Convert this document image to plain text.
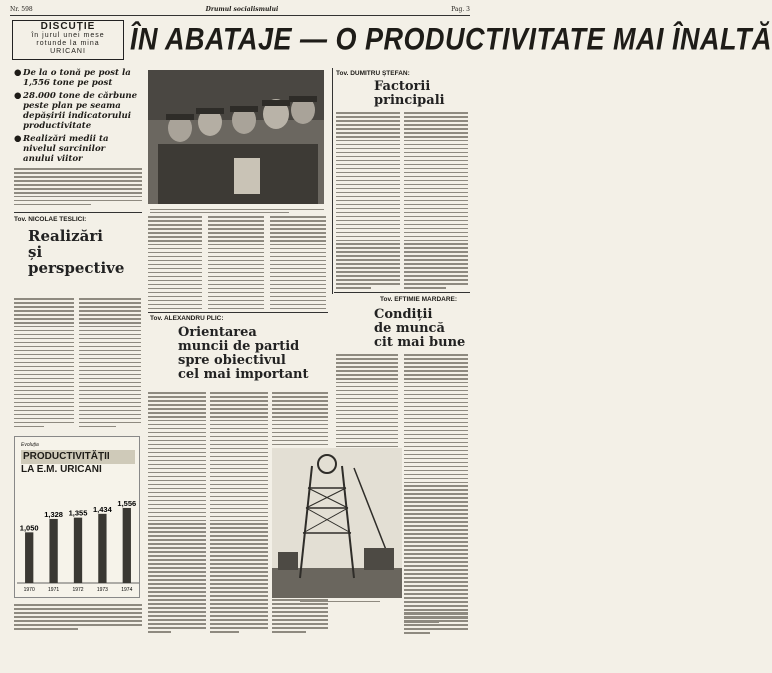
Nr. 598	Drumul socialismului	Pag. 3
DISCUȚIE
în jurul unei mese
rotunde la mina
URICANI	ÎN ABATAJE — O PRODUCTIVITATE MAI ÎNALTĂ
● De la o tonă pe post la 1,556 tone pe post
● 28.000 tone de cărbune peste plan pe seama depășirii indicatorului productivitate
● Realizări medii ta nivelul sarcinilor anului viitor
Tov. NICOLAE TESLICI:
Realizări
și
perspective
Evoluția
PRODUCTIVITĂȚII
LA E.M. URICANI
1,050
1970
1,328
1971
1,355
1972
1,434
1973
1,556
1974
Tov. ALEXANDRU PLIC:
Orientarea
muncii de partid
spre obiectivul
cel mai important
Tov. DUMITRU ȘTEFAN:
Factorii
principali
Tov. EFTIMIE MARDARE:
Condiții
de muncă
cit mai bune
